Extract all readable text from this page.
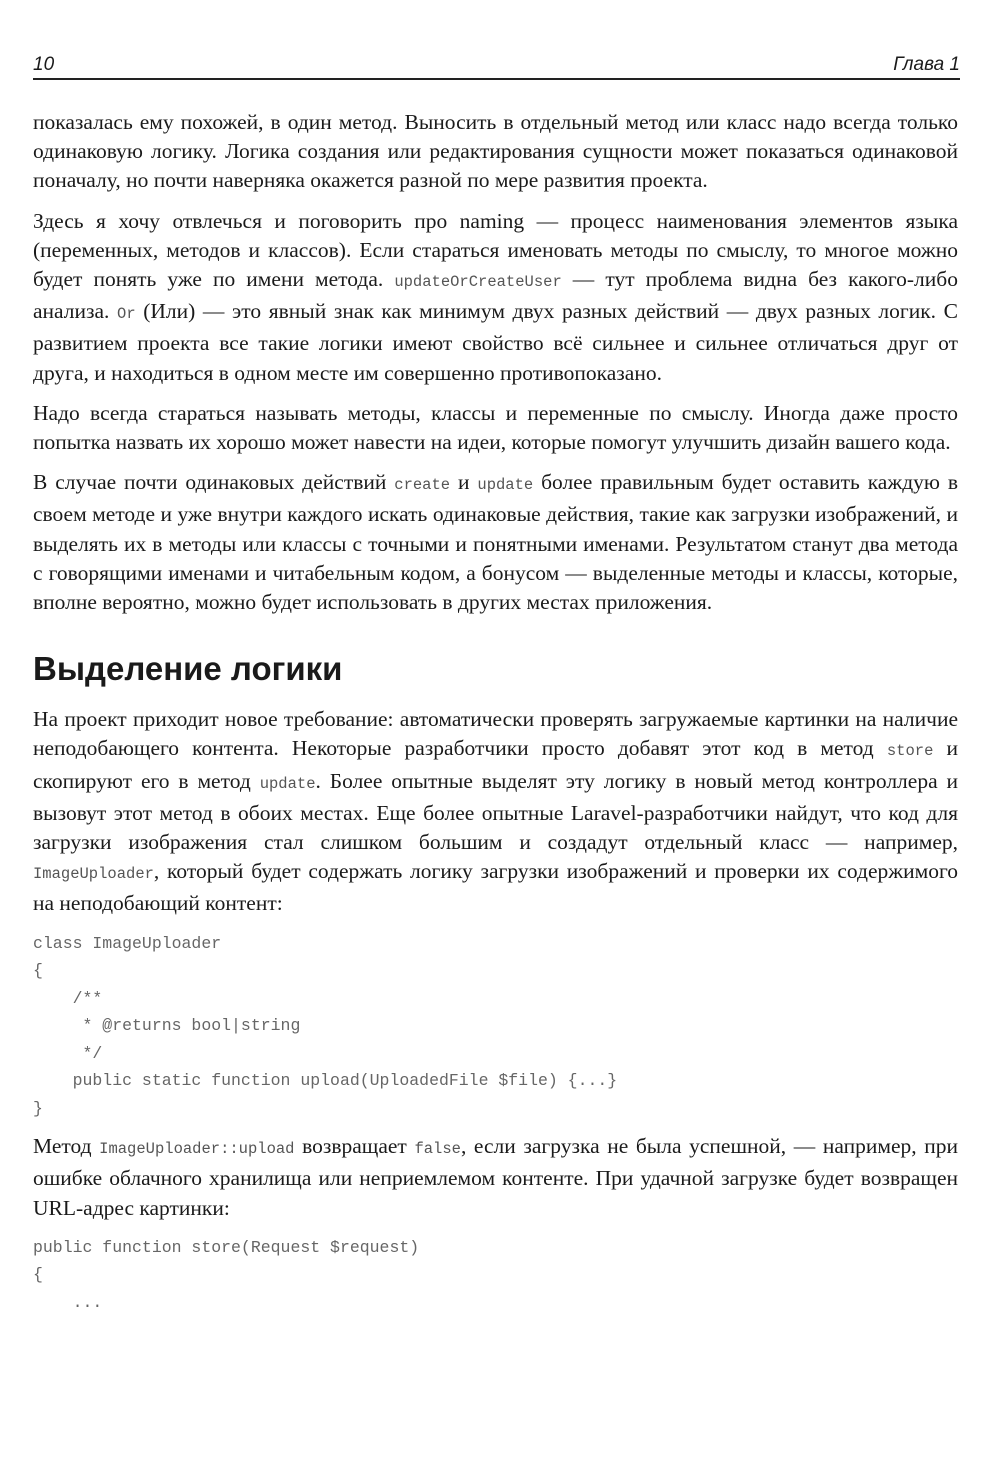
10	Глава 1

показалась ему похожей, в один метод. Выносить в отдельный метод или класс надо всегда только одинаковую логику. Логика создания или редактирования сущности может показаться одинаковой поначалу, но почти наверняка окажется разной по мере развития проекта.

Здесь я хочу отвлечься и поговорить про naming — процесс наименования элементов языка (переменных, методов и классов). Если стараться именовать методы по смыслу, то многое можно будет понять уже по имени метода. updateOrCreateUser — тут проблема видна без какого-либо анализа. Or (Или) — это явный знак как минимум двух разных действий — двух разных логик. С развитием проекта все такие логики имеют свойство всё сильнее и сильнее отличаться друг от друга, и находиться в одном месте им совершенно противопоказано.

Надо всегда стараться называть методы, классы и переменные по смыслу. Иногда даже просто попытка назвать их хорошо может навести на идеи, которые помогут улучшить дизайн вашего кода.

В случае почти одинаковых действий create и update более правильным будет оставить каждую в своем методе и уже внутри каждого искать одинаковые действия, такие как загрузки изображений, и выделять их в методы или классы с точными и понятными именами. Результатом станут два метода с говорящими именами и читабельным кодом, а бонусом — выделенные методы и классы, которые, вполне вероятно, можно будет использовать в других местах приложения.

Выделение логики

На проект приходит новое требование: автоматически проверять загружаемые картинки на наличие неподобающего контента. Некоторые разработчики просто добавят этот код в метод store и скопируют его в метод update. Более опытные выделят эту логику в новый метод контроллера и вызовут этот метод в обоих местах. Еще более опытные Laravel-разработчики найдут, что код для загрузки изображения стал слишком большим и создадут отдельный класс — например, ImageUploader, который будет содержать логику загрузки изображений и проверки их содержимого на неподобающий контент:

class ImageUploader
{
/**
* @returns bool|string
*/
public static function upload(UploadedFile $file) {...}
}

Метод ImageUploader::upload возвращает false, если загрузка не была успешной, — например, при ошибке облачного хранилища или неприемлемом контенте. При удачной загрузке будет возвращен URL-адрес картинки:

public function store(Request $request)
{
...
